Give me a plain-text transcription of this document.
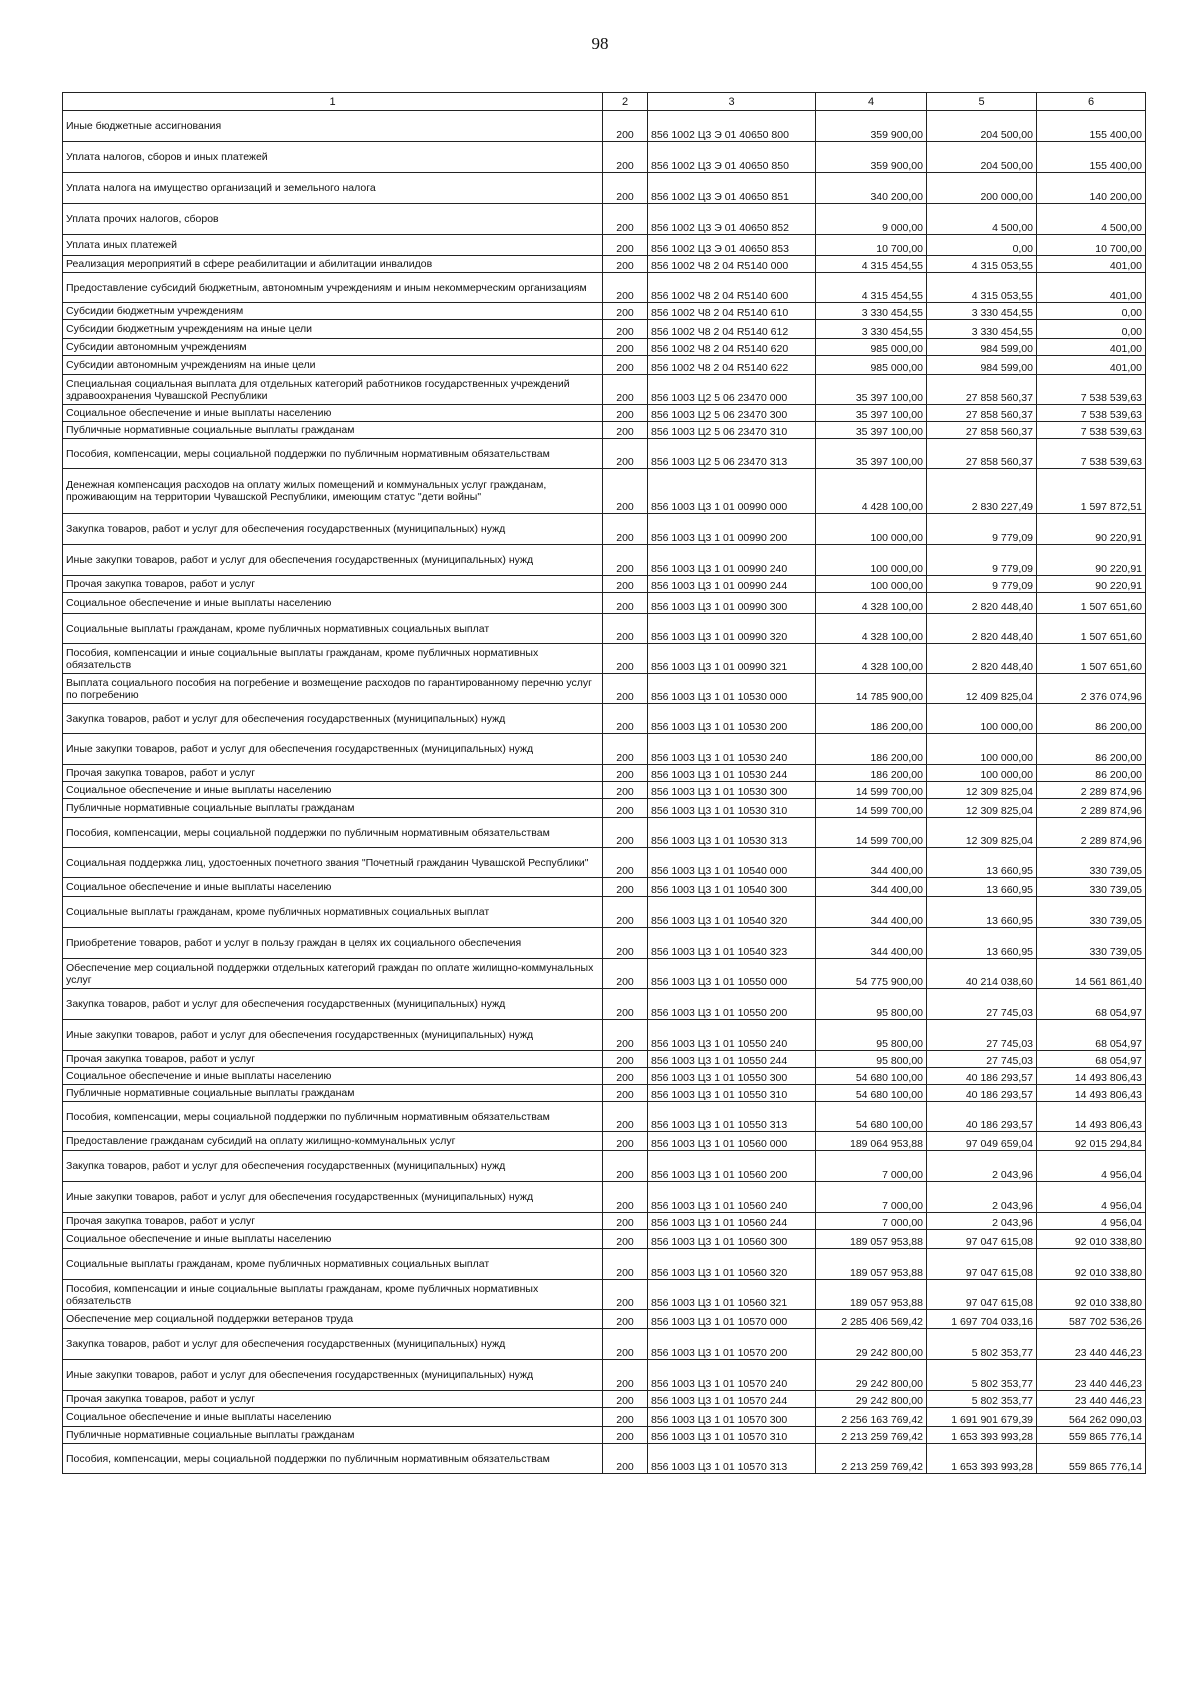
98
1	2	3	4	5	6
Иные бюджетные ассигнования	200	856 1002 Ц3 Э 01 40650 800	359 900,00	204 500,00	155 400,00
Уплата налогов, сборов и иных платежей	200	856 1002 Ц3 Э 01 40650 850	359 900,00	204 500,00	155 400,00
Уплата налога на имущество организаций и земельного налога	200	856 1002 Ц3 Э 01 40650 851	340 200,00	200 000,00	140 200,00
Уплата прочих налогов, сборов	200	856 1002 Ц3 Э 01 40650 852	9 000,00	4 500,00	4 500,00
Уплата иных платежей	200	856 1002 Ц3 Э 01 40650 853	10 700,00	0,00	10 700,00
Реализация мероприятий в сфере реабилитации и абилитации инвалидов	200	856 1002 Ч8 2 04 R5140 000	4 315 454,55	4 315 053,55	401,00
Предоставление субсидий бюджетным, автономным учреждениям и иным некоммерческим организациям	200	856 1002 Ч8 2 04 R5140 600	4 315 454,55	4 315 053,55	401,00
Субсидии бюджетным учреждениям	200	856 1002 Ч8 2 04 R5140 610	3 330 454,55	3 330 454,55	0,00
Субсидии бюджетным учреждениям на иные цели	200	856 1002 Ч8 2 04 R5140 612	3 330 454,55	3 330 454,55	0,00
Субсидии автономным учреждениям	200	856 1002 Ч8 2 04 R5140 620	985 000,00	984 599,00	401,00
Субсидии автономным учреждениям на иные цели	200	856 1002 Ч8 2 04 R5140 622	985 000,00	984 599,00	401,00
Специальная социальная выплата для отдельных категорий работников государственных учреждений здравоохранения Чувашской Республики	200	856 1003 Ц2 5 06 23470 000	35 397 100,00	27 858 560,37	7 538 539,63
Социальное обеспечение и иные выплаты населению	200	856 1003 Ц2 5 06 23470 300	35 397 100,00	27 858 560,37	7 538 539,63
Публичные нормативные социальные выплаты гражданам	200	856 1003 Ц2 5 06 23470 310	35 397 100,00	27 858 560,37	7 538 539,63
Пособия, компенсации, меры социальной поддержки по публичным нормативным обязательствам	200	856 1003 Ц2 5 06 23470 313	35 397 100,00	27 858 560,37	7 538 539,63
Денежная компенсация расходов на оплату жилых помещений и коммунальных услуг гражданам, проживающим на территории Чувашской Республики, имеющим статус "дети войны"	200	856 1003 Ц3 1 01 00990 000	4 428 100,00	2 830 227,49	1 597 872,51
Закупка товаров, работ и услуг для обеспечения государственных (муниципальных) нужд	200	856 1003 Ц3 1 01 00990 200	100 000,00	9 779,09	90 220,91
Иные закупки товаров, работ и услуг для обеспечения государственных (муниципальных) нужд	200	856 1003 Ц3 1 01 00990 240	100 000,00	9 779,09	90 220,91
Прочая закупка товаров, работ и услуг	200	856 1003 Ц3 1 01 00990 244	100 000,00	9 779,09	90 220,91
Социальное обеспечение и иные выплаты населению	200	856 1003 Ц3 1 01 00990 300	4 328 100,00	2 820 448,40	1 507 651,60
Социальные выплаты гражданам, кроме публичных нормативных социальных выплат	200	856 1003 Ц3 1 01 00990 320	4 328 100,00	2 820 448,40	1 507 651,60
Пособия, компенсации и иные социальные выплаты гражданам, кроме публичных нормативных обязательств	200	856 1003 Ц3 1 01 00990 321	4 328 100,00	2 820 448,40	1 507 651,60
Выплата социального пособия на погребение и возмещение расходов по гарантированному перечню услуг по погребению	200	856 1003 Ц3 1 01 10530 000	14 785 900,00	12 409 825,04	2 376 074,96
Закупка товаров, работ и услуг для обеспечения государственных (муниципальных) нужд	200	856 1003 Ц3 1 01 10530 200	186 200,00	100 000,00	86 200,00
Иные закупки товаров, работ и услуг для обеспечения государственных (муниципальных) нужд	200	856 1003 Ц3 1 01 10530 240	186 200,00	100 000,00	86 200,00
Прочая закупка товаров, работ и услуг	200	856 1003 Ц3 1 01 10530 244	186 200,00	100 000,00	86 200,00
Социальное обеспечение и иные выплаты населению	200	856 1003 Ц3 1 01 10530 300	14 599 700,00	12 309 825,04	2 289 874,96
Публичные нормативные социальные выплаты гражданам	200	856 1003 Ц3 1 01 10530 310	14 599 700,00	12 309 825,04	2 289 874,96
Пособия, компенсации, меры социальной поддержки по публичным нормативным обязательствам	200	856 1003 Ц3 1 01 10530 313	14 599 700,00	12 309 825,04	2 289 874,96
Социальная поддержка лиц, удостоенных почетного звания "Почетный гражданин Чувашской Республики"	200	856 1003 Ц3 1 01 10540 000	344 400,00	13 660,95	330 739,05
Социальное обеспечение и иные выплаты населению	200	856 1003 Ц3 1 01 10540 300	344 400,00	13 660,95	330 739,05
Социальные выплаты гражданам, кроме публичных нормативных социальных выплат	200	856 1003 Ц3 1 01 10540 320	344 400,00	13 660,95	330 739,05
Приобретение товаров, работ и услуг в пользу граждан в целях их социального обеспечения	200	856 1003 Ц3 1 01 10540 323	344 400,00	13 660,95	330 739,05
Обеспечение мер социальной поддержки отдельных категорий граждан по оплате жилищно-коммунальных услуг	200	856 1003 Ц3 1 01 10550 000	54 775 900,00	40 214 038,60	14 561 861,40
Закупка товаров, работ и услуг для обеспечения государственных (муниципальных) нужд	200	856 1003 Ц3 1 01 10550 200	95 800,00	27 745,03	68 054,97
Иные закупки товаров, работ и услуг для обеспечения государственных (муниципальных) нужд	200	856 1003 Ц3 1 01 10550 240	95 800,00	27 745,03	68 054,97
Прочая закупка товаров, работ и услуг	200	856 1003 Ц3 1 01 10550 244	95 800,00	27 745,03	68 054,97
Социальное обеспечение и иные выплаты населению	200	856 1003 Ц3 1 01 10550 300	54 680 100,00	40 186 293,57	14 493 806,43
Публичные нормативные социальные выплаты гражданам	200	856 1003 Ц3 1 01 10550 310	54 680 100,00	40 186 293,57	14 493 806,43
Пособия, компенсации, меры социальной поддержки по публичным нормативным обязательствам	200	856 1003 Ц3 1 01 10550 313	54 680 100,00	40 186 293,57	14 493 806,43
Предоставление гражданам субсидий на оплату жилищно-коммунальных услуг	200	856 1003 Ц3 1 01 10560 000	189 064 953,88	97 049 659,04	92 015 294,84
Закупка товаров, работ и услуг для обеспечения государственных (муниципальных) нужд	200	856 1003 Ц3 1 01 10560 200	7 000,00	2 043,96	4 956,04
Иные закупки товаров, работ и услуг для обеспечения государственных (муниципальных) нужд	200	856 1003 Ц3 1 01 10560 240	7 000,00	2 043,96	4 956,04
Прочая закупка товаров, работ и услуг	200	856 1003 Ц3 1 01 10560 244	7 000,00	2 043,96	4 956,04
Социальное обеспечение и иные выплаты населению	200	856 1003 Ц3 1 01 10560 300	189 057 953,88	97 047 615,08	92 010 338,80
Социальные выплаты гражданам, кроме публичных нормативных социальных выплат	200	856 1003 Ц3 1 01 10560 320	189 057 953,88	97 047 615,08	92 010 338,80
Пособия, компенсации и иные социальные выплаты гражданам, кроме публичных нормативных обязательств	200	856 1003 Ц3 1 01 10560 321	189 057 953,88	97 047 615,08	92 010 338,80
Обеспечение мер социальной поддержки ветеранов труда	200	856 1003 Ц3 1 01 10570 000	2 285 406 569,42	1 697 704 033,16	587 702 536,26
Закупка товаров, работ и услуг для обеспечения государственных (муниципальных) нужд	200	856 1003 Ц3 1 01 10570 200	29 242 800,00	5 802 353,77	23 440 446,23
Иные закупки товаров, работ и услуг для обеспечения государственных (муниципальных) нужд	200	856 1003 Ц3 1 01 10570 240	29 242 800,00	5 802 353,77	23 440 446,23
Прочая закупка товаров, работ и услуг	200	856 1003 Ц3 1 01 10570 244	29 242 800,00	5 802 353,77	23 440 446,23
Социальное обеспечение и иные выплаты населению	200	856 1003 Ц3 1 01 10570 300	2 256 163 769,42	1 691 901 679,39	564 262 090,03
Публичные нормативные социальные выплаты гражданам	200	856 1003 Ц3 1 01 10570 310	2 213 259 769,42	1 653 393 993,28	559 865 776,14
Пособия, компенсации, меры социальной поддержки по публичным нормативным обязательствам	200	856 1003 Ц3 1 01 10570 313	2 213 259 769,42	1 653 393 993,28	559 865 776,14
